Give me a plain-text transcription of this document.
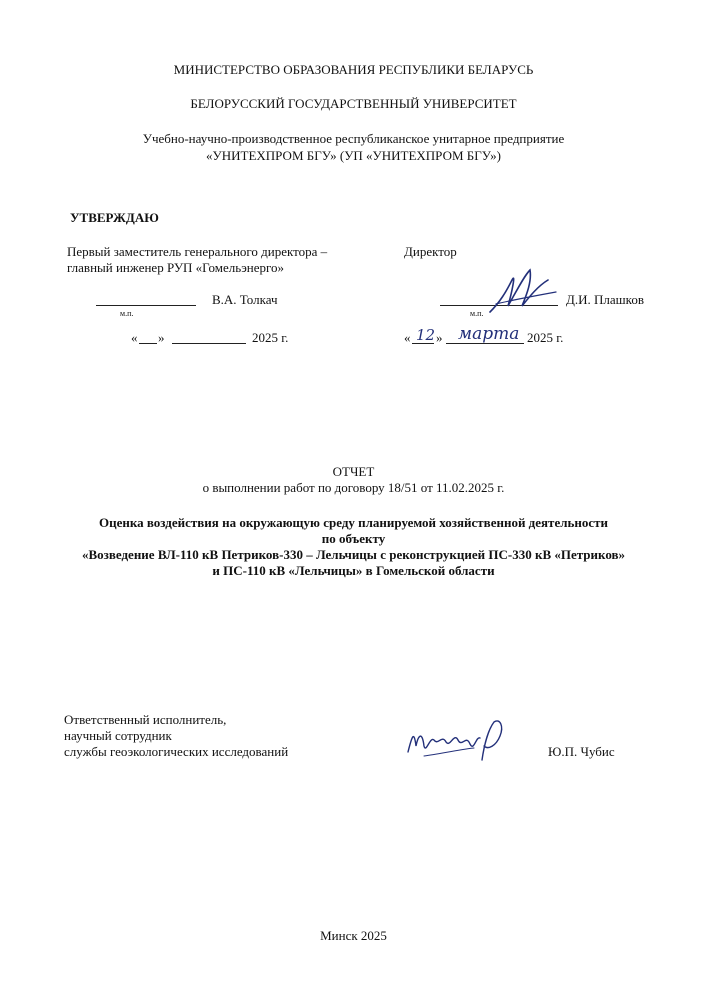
МИНИСТЕРСТВО ОБРАЗОВАНИЯ РЕСПУБЛИКИ БЕЛАРУСЬ
БЕЛОРУССКИЙ ГОСУДАРСТВЕННЫЙ УНИВЕРСИТЕТ
Учебно-научно-производственное республиканское унитарное предприятие
«УНИТЕХПРОМ БГУ» (УП «УНИТЕХПРОМ БГУ»)
УТВЕРЖДАЮ
Первый заместитель генерального директора –
главный инженер РУП «Гомельэнерго»
В.А. Толкач
м.п.
« »	2025 г.
Директор
Д.И. Плашков
м.п.
« 12 » марта 2025 г.
ОТЧЕТ
о выполнении работ по договору 18/51 от 11.02.2025 г.
Оценка воздействия на окружающую среду планируемой хозяйственной деятельности
по объекту
«Возведение ВЛ-110 кВ Петриков-330 – Лельчицы с реконструкцией ПС-330 кВ «Петриков»
и ПС-110 кВ «Лельчицы» в Гомельской области
Ответственный исполнитель,
научный сотрудник
службы геоэкологических исследований	Ю.П. Чубис
Минск 2025
